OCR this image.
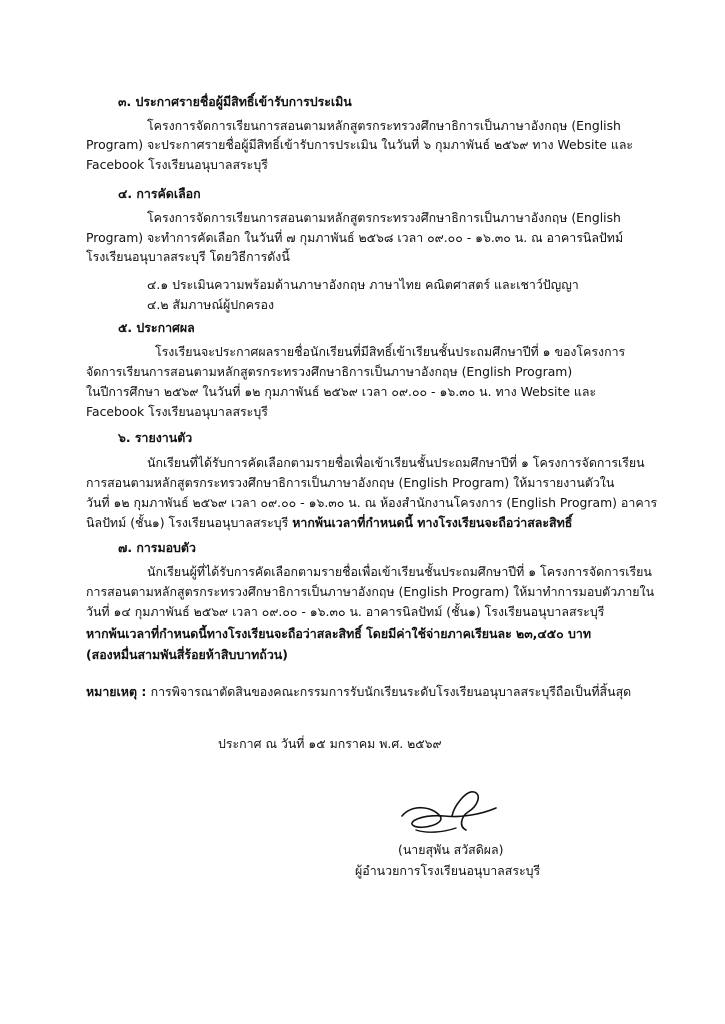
๓. ประกาศรายชื่อผู้มีสิทธิ์เข้ารับการประเมิน
โครงการจัดการเรียนการสอนตามหลักสูตรกระทรวงศึกษาธิการเป็นภาษาอังกฤษ (English
Program) จะประกาศรายชื่อผู้มีสิทธิ์เข้ารับการประเมิน ในวันที่ ๖ กุมภาพันธ์ ๒๕๖๙ ทาง Website และ
Facebook โรงเรียนอนุบาลสระบุรี
๔. การคัดเลือก
โครงการจัดการเรียนการสอนตามหลักสูตรกระทรวงศึกษาธิการเป็นภาษาอังกฤษ (English
Program) จะทำการคัดเลือก ในวันที่ ๗ กุมภาพันธ์ ๒๕๖๘ เวลา ๐๙.๐๐ - ๑๖.๓๐ น. ณ อาคารนิลปัทม์
โรงเรียนอนุบาลสระบุรี โดยวิธีการดังนี้
๔.๑ ประเมินความพร้อมด้านภาษาอังกฤษ ภาษาไทย คณิตศาสตร์ และเชาว์ปัญญา
๔.๒ สัมภาษณ์ผู้ปกครอง
๕. ประกาศผล
โรงเรียนจะประกาศผลรายชื่อนักเรียนที่มีสิทธิ์เข้าเรียนชั้นประถมศึกษาปีที่ ๑ ของโครงการ
จัดการเรียนการสอนตามหลักสูตรกระทรวงศึกษาธิการเป็นภาษาอังกฤษ (English Program)
ในปีการศึกษา ๒๕๖๙ ในวันที่ ๑๒ กุมภาพันธ์ ๒๕๖๙ เวลา ๐๙.๐๐ - ๑๖.๓๐ น. ทาง Website และ
Facebook โรงเรียนอนุบาลสระบุรี
๖. รายงานตัว
นักเรียนที่ได้รับการคัดเลือกตามรายชื่อเพื่อเข้าเรียนชั้นประถมศึกษาปีที่ ๑ โครงการจัดการเรียน
การสอนตามหลักสูตรกระทรวงศึกษาธิการเป็นภาษาอังกฤษ (English Program) ให้มารายงานตัวใน
วันที่ ๑๒ กุมภาพันธ์ ๒๕๖๙ เวลา ๐๙.๐๐ - ๑๖.๓๐ น. ณ ห้องสำนักงานโครงการ (English Program) อาคาร
นิลปัทม์ (ชั้น๑) โรงเรียนอนุบาลสระบุรี หากพ้นเวลาที่กำหนดนี้ ทางโรงเรียนจะถือว่าสละสิทธิ์
๗. การมอบตัว
นักเรียนผู้ที่ได้รับการคัดเลือกตามรายชื่อเพื่อเข้าเรียนชั้นประถมศึกษาปีที่ ๑ โครงการจัดการเรียน
การสอนตามหลักสูตรกระทรวงศึกษาธิการเป็นภาษาอังกฤษ (English Program) ให้มาทำการมอบตัวภายใน
วันที่ ๑๔ กุมภาพันธ์ ๒๕๖๙ เวลา ๐๙.๐๐ - ๑๖.๓๐ น. อาคารนิลปัทม์ (ชั้น๑) โรงเรียนอนุบาลสระบุรี
หากพ้นเวลาที่กำหนดนี้ทางโรงเรียนจะถือว่าสละสิทธิ์ โดยมีค่าใช้จ่ายภาคเรียนละ ๒๓,๔๕๐ บาท
(สองหมื่นสามพันสี่ร้อยห้าสิบบาทถ้วน)
หมายเหตุ : การพิจารณาตัดสินของคณะกรรมการรับนักเรียนระดับโรงเรียนอนุบาลสระบุรีถือเป็นที่สิ้นสุด
ประกาศ ณ วันที่ ๑๕ มกราคม พ.ศ. ๒๕๖๙
(นายสุพัน สวัสดิผล)
ผู้อำนวยการโรงเรียนอนุบาลสระบุรี
